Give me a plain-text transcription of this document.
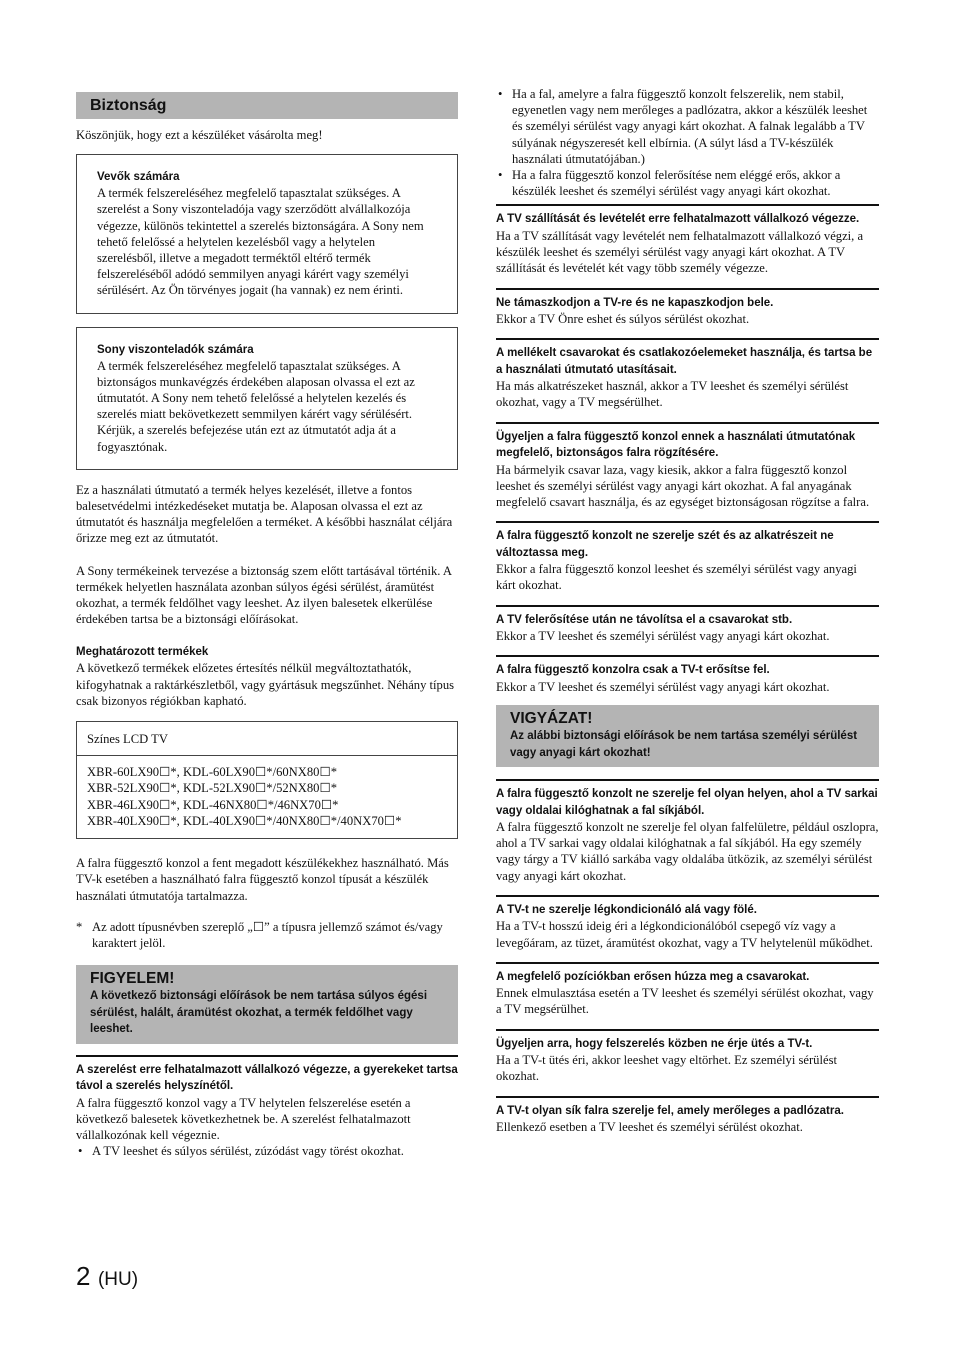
Biztonság

Köszönjük, hogy ezt a készüléket vásárolta meg!

Vevők számára

A termék felszereléséhez megfelelő tapasztalat szükséges. A szerelést a Sony viszonteladója vagy szerződött alvállalkozója végezze, különös tekintettel a szerelés biztonságára. A Sony nem tehető felelőssé a helytelen kezelésből vagy a helytelen szerelésből, illetve a megadott terméktől eltérő termék felszereléséből adódó semmilyen anyagi kárért vagy személyi sérülésért. Az Ön törvényes jogait (ha vannak) ez nem érinti.

Sony viszonteladók számára

A termék felszereléséhez megfelelő tapasztalat szükséges. A biztonságos munkavégzés érdekében alaposan olvassa el ezt az útmutatót. A Sony nem tehető felelőssé a helytelen kezelés és szerelés miatt bekövetkezett semmilyen kárért vagy sérülésért. Kérjük, a szerelés befejezése után ezt az útmutatót adja át a fogyasztónak.

Ez a használati útmutató a termék helyes kezelését, illetve a fontos balesetvédelmi intézkedéseket mutatja be. Alaposan olvassa el ezt az útmutatót és használja megfelelően a terméket. A későbbi használat céljára őrizze meg ezt az útmutatót.

A Sony termékeinek tervezése a biztonság szem előtt tartásával történik. A termékek helyetlen használata azonban súlyos égési sérülést, áramütést okozhat, a termék feldőlhet vagy leeshet. Az ilyen balesetek elkerülése érdekében tartsa be a biztonsági előírásokat.

Meghatározott termékek

A következő termékek előzetes értesítés nélkül megváltoztathatók, kifogyhatnak a raktárkészletből, vagy gyártásuk megszűnhet. Néhány típus csak bizonyos régiókban kapható.

Színes LCD TV
XBR-60LX90☐*, KDL-60LX90☐*/60NX80☐*
XBR-52LX90☐*, KDL-52LX90☐*/52NX80☐*
XBR-46LX90☐*, KDL-46NX80☐*/46NX70☐*
XBR-40LX90☐*, KDL-40LX90☐*/40NX80☐*/40NX70☐*

A falra függesztő konzol a fent megadott készülékekhez használható. Más TV-k esetében a használható falra függesztő konzol típusát a készülék használati útmutatója tartalmazza.

* Az adott típusnévben szereplő „☐” a típusra jellemző számot és/vagy karaktert jelöl.
FIGYELEM!
A következő biztonsági előírások be nem tartása súlyos égési sérülést, halált, áramütést okozhat, a termék feldőlhet vagy leeshet.
A szerelést erre felhatalmazott vállalkozó végezze, a gyerekeket tartsa távol a szerelés helyszínétől.

A falra függesztő konzol vagy a TV helytelen felszerelése esetén a következő balesetek következhetnek be. A szerelést felhatalmazott vállalkozónak kell végeznie.

• A TV leeshet és súlyos sérülést, zúzódást vagy törést okozhat.
• Ha a fal, amelyre a falra függesztő konzolt felszerelik, nem stabil, egyenetlen vagy nem merőleges a padlózatra, akkor a készülék leeshet és személyi sérülést vagy anyagi kárt okozhat. A falnak legalább a TV súlyának négyszeresét kell elbírnia. (A súlyt lásd a TV-készülék használati útmutatójában.)
• Ha a falra függesztő konzol felerősítése nem eléggé erős, akkor a készülék leeshet és személyi sérülést vagy anyagi kárt okozhat.
A TV szállítását és levételét erre felhatalmazott vállalkozó végezze.

Ha a TV szállítását vagy levételét nem felhatalmazott vállalkozó végzi, a készülék leeshet és személyi sérülést vagy anyagi kárt okozhat. A TV szállítását és levételét két vagy több személy végezze.

Ne támaszkodjon a TV-re és ne kapaszkodjon bele.

Ekkor a TV Önre eshet és súlyos sérülést okozhat.

A mellékelt csavarokat és csatlakozóelemeket használja, és tartsa be a használati útmutató utasításait.

Ha más alkatrészeket használ, akkor a TV leeshet és személyi sérülést okozhat, vagy a TV megsérülhet.

Ügyeljen a falra függesztő konzol ennek a használati útmutatónak megfelelő, biztonságos falra rögzítésére.

Ha bármelyik csavar laza, vagy kiesik, akkor a falra függesztő konzol leeshet és személyi sérülést vagy anyagi kárt okozhat. A fal anyagának megfelelő csavart használja, és az egységet biztonságosan rögzítse a falra.

A falra függesztő konzolt ne szerelje szét és az alkatrészeit ne változtassa meg.

Ekkor a falra függesztő konzol leeshet és személyi sérülést vagy anyagi kárt okozhat.

A TV felerősítése után ne távolítsa el a csavarokat stb.

Ekkor a TV leeshet és személyi sérülést vagy anyagi kárt okozhat.

A falra függesztő konzolra csak a TV-t erősítse fel.

Ekkor a TV leeshet és személyi sérülést vagy anyagi kárt okozhat.

VIGYÁZAT!
Az alábbi biztonsági előírások be nem tartása személyi sérülést vagy anyagi kárt okozhat!
A falra függesztő konzolt ne szerelje fel olyan helyen, ahol a TV sarkai vagy oldalai kilóghatnak a fal síkjából.

A falra függesztő konzolt ne szerelje fel olyan falfelületre, például oszlopra, ahol a TV sarkai vagy oldalai kilóghatnak a fal síkjából. Ha egy személy vagy tárgy a TV kiálló sarkába vagy oldalába ütközik, az személyi sérülést vagy anyagi kárt okozhat.

A TV-t ne szerelje légkondicionáló alá vagy fölé.

Ha a TV-t hosszú ideig éri a légkondicionálóból csepegő víz vagy a levegőáram, az tüzet, áramütést okozhat, vagy a TV helytelenül működhet.

A megfelelő pozíciókban erősen húzza meg a csavarokat.

Ennek elmulasztása esetén a TV leeshet és személyi sérülést okozhat, vagy a TV megsérülhet.

Ügyeljen arra, hogy felszerelés közben ne érje ütés a TV-t.

Ha a TV-t ütés éri, akkor leeshet vagy eltörhet. Ez személyi sérülést okozhat.

A TV-t olyan sík falra szerelje fel, amely merőleges a padlózatra.

Ellenkező esetben a TV leeshet és személyi sérülést okozhat.

2 (HU)
